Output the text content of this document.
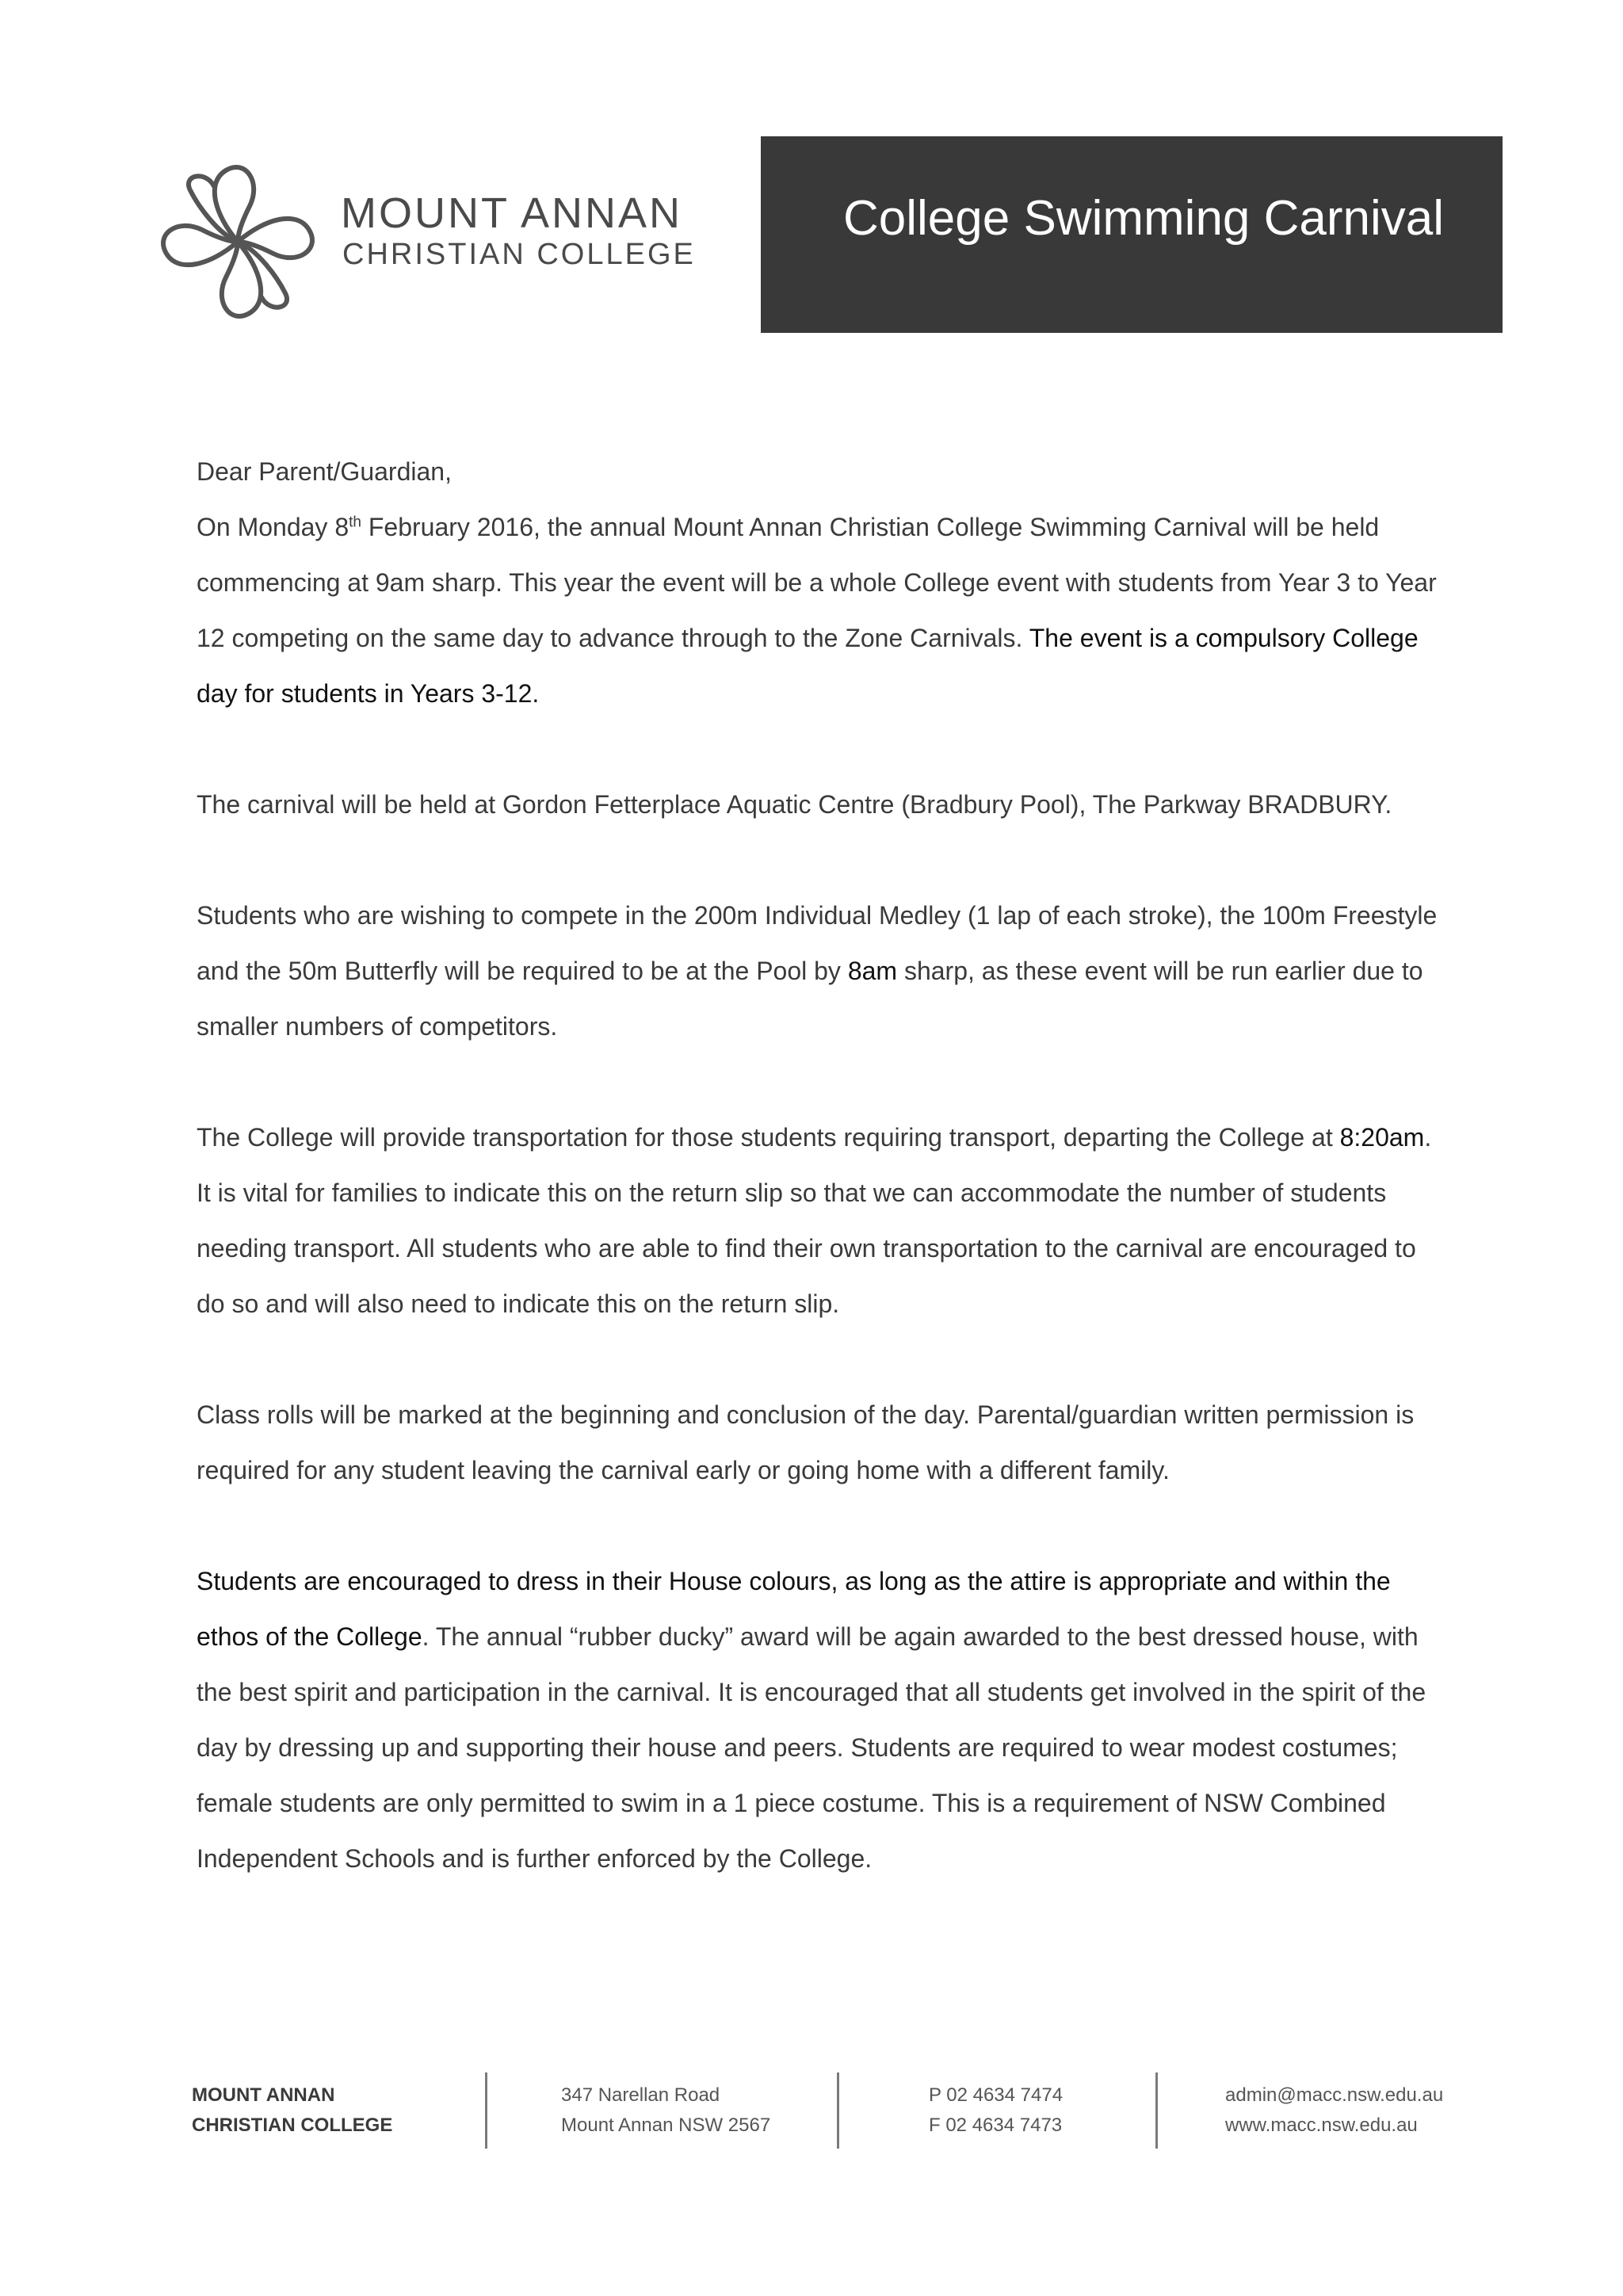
MOUNT ANNAN
CHRISTIAN COLLEGE
College Swimming Carnival

Dear Parent/Guardian,

On Monday 8th February 2016, the annual Mount Annan Christian College Swimming Carnival will be held commencing at 9am sharp. This year the event will be a whole College event with students from Year 3 to Year 12 competing on the same day to advance through to the Zone Carnivals. The event is a compulsory College day for students in Years 3-12.

The carnival will be held at Gordon Fetterplace Aquatic Centre (Bradbury Pool), The Parkway BRADBURY.

Students who are wishing to compete in the 200m Individual Medley (1 lap of each stroke), the 100m Freestyle and the 50m Butterfly will be required to be at the Pool by 8am sharp, as these event will be run earlier due to smaller numbers of competitors.

The College will provide transportation for those students requiring transport, departing the College at 8:20am. It is vital for families to indicate this on the return slip so that we can accommodate the number of students needing transport. All students who are able to find their own transportation to the carnival are encouraged to do so and will also need to indicate this on the return slip.

Class rolls will be marked at the beginning and conclusion of the day. Parental/guardian written permission is required for any student leaving the carnival early or going home with a different family.

Students are encouraged to dress in their House colours, as long as the attire is appropriate and within the ethos of the College. The annual “rubber ducky” award will be again awarded to the best dressed house, with the best spirit and participation in the carnival. It is encouraged that all students get involved in the spirit of the day by dressing up and supporting their house and peers. Students are required to wear modest costumes; female students are only permitted to swim in a 1 piece costume. This is a requirement of NSW Combined Independent Schools and is further enforced by the College.

MOUNT ANNAN
CHRISTIAN COLLEGE
347 Narellan Road
Mount Annan NSW 2567
P 02 4634 7474
F 02 4634 7473
admin@macc.nsw.edu.au
www.macc.nsw.edu.au
